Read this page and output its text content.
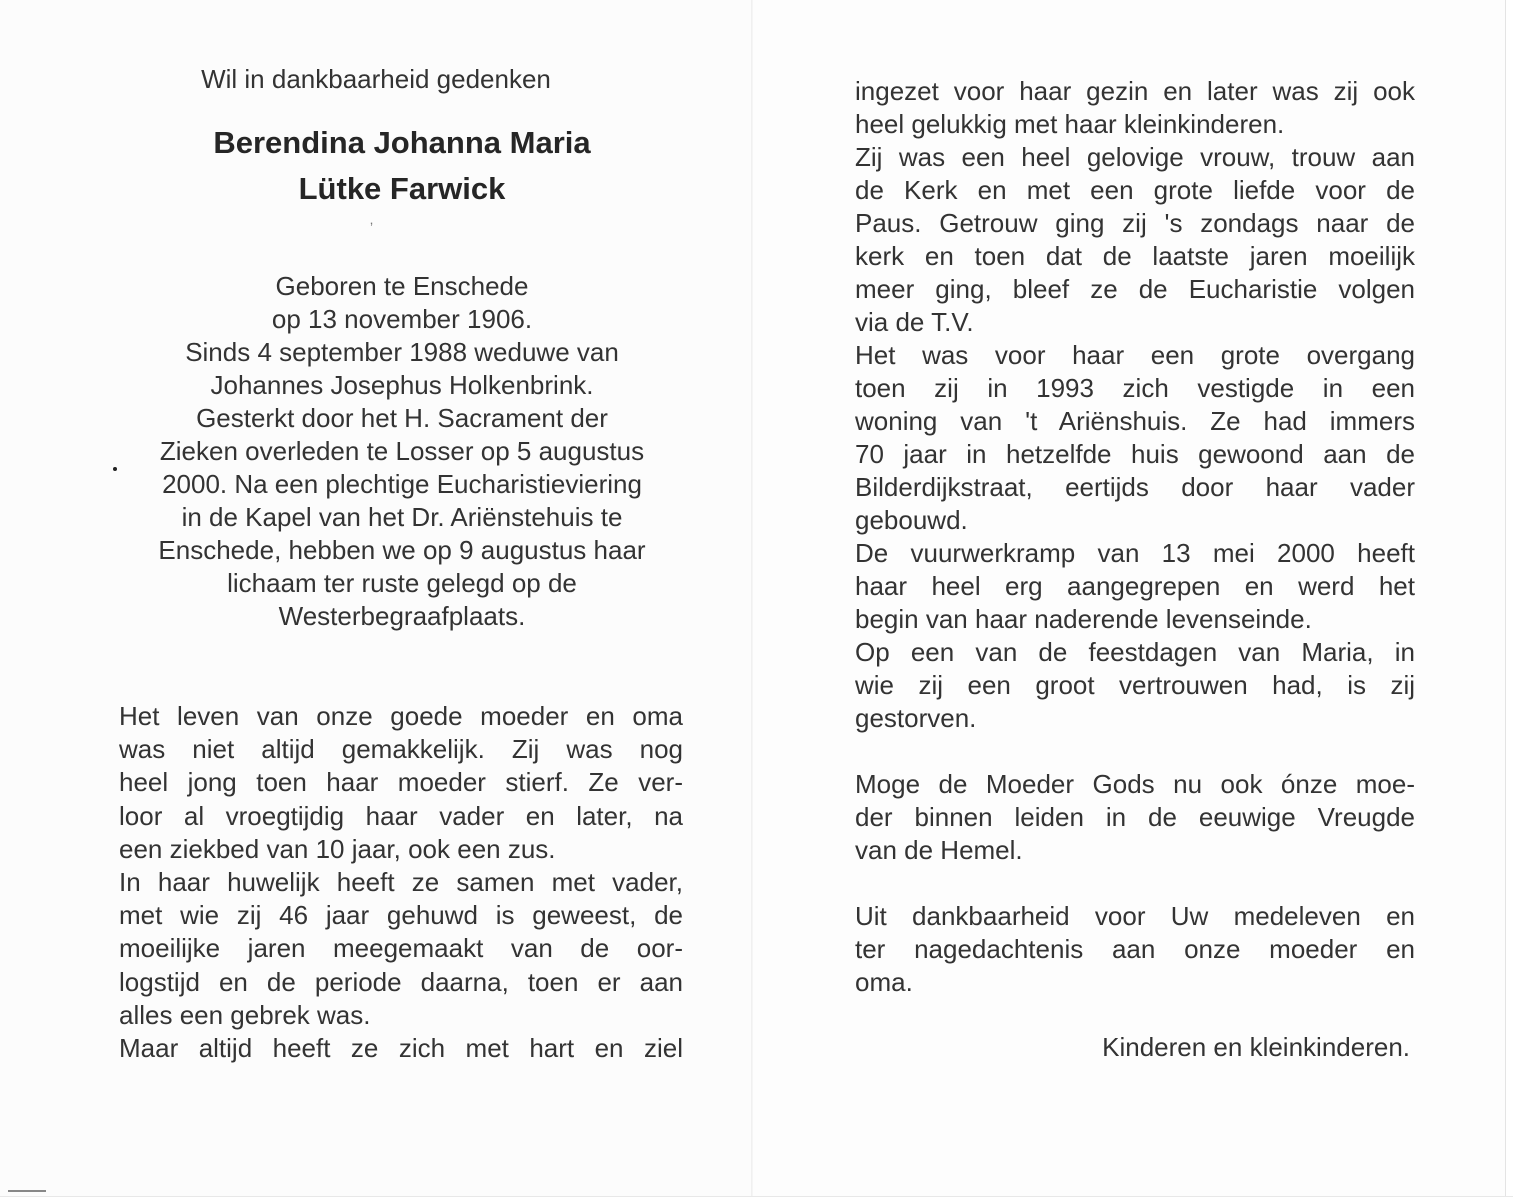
Wil in dankbaarheid gedenken
Berendina Johanna Maria
Lütke Farwick
ʼ
Geboren te Enschede
op 13 november 1906.
Sinds 4 september 1988 weduwe van
Johannes Josephus Holkenbrink.
Gesterkt door het H. Sacrament der
Zieken overleden te Losser op 5 augustus
2000. Na een plechtige Eucharistieviering
in de Kapel van het Dr. Ariënstehuis te
Enschede, hebben we op 9 augustus haar
lichaam ter ruste gelegd op de
Westerbegraafplaats.
Het leven van onze goede moeder en oma
was niet altijd gemakkelijk. Zij was nog
heel jong toen haar moeder stierf. Ze ver-
loor al vroegtijdig haar vader en later, na
een ziekbed van 10 jaar, ook een zus.
In haar huwelijk heeft ze samen met vader,
met wie zij 46 jaar gehuwd is geweest, de
moeilijke jaren meegemaakt van de oor-
logstijd en de periode daarna, toen er aan
alles een gebrek was.
Maar altijd heeft ze zich met hart en ziel
ingezet voor haar gezin en later was zij ook
heel gelukkig met haar kleinkinderen.
Zij was een heel gelovige vrouw, trouw aan
de Kerk en met een grote liefde voor de
Paus. Getrouw ging zij 's zondags naar de
kerk en toen dat de laatste jaren moeilijk
meer ging, bleef ze de Eucharistie volgen
via de T.V.
Het was voor haar een grote overgang
toen zij in 1993 zich vestigde in een
woning van 't Ariënshuis. Ze had immers
70 jaar in hetzelfde huis gewoond aan de
Bilderdijkstraat, eertijds door haar vader
gebouwd.
De vuurwerkramp van 13 mei 2000 heeft
haar heel erg aangegrepen en werd het
begin van haar naderende levenseinde.
Op een van de feestdagen van Maria, in
wie zij een groot vertrouwen had, is zij
gestorven.
Moge de Moeder Gods nu ook ónze moe-
der binnen leiden in de eeuwige Vreugde
van de Hemel.
Uit dankbaarheid voor Uw medeleven en
ter nagedachtenis aan onze moeder en
oma.
Kinderen en kleinkinderen.
